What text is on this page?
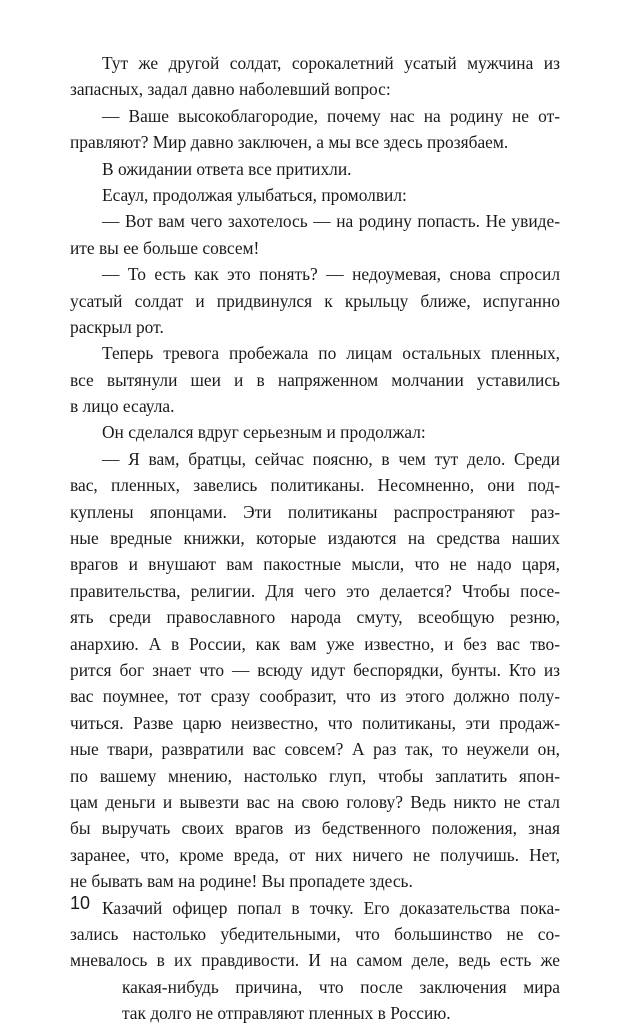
Тут же другой солдат, сорокалетний усатый мужчина из
запасных, задал давно наболевший вопрос:
— Ваше высокоблагородие, почему нас на родину не от-
правляют? Мир давно заключен, а мы все здесь прозябаем.
В ожидании ответа все притихли.
Есаул, продолжая улыбаться, промолвил:
— Вот вам чего захотелось — на родину попасть. Не увиде-
ите вы ее больше совсем!
— То есть как это понять? — недоумевая, снова спросил
усатый солдат и придвинулся к крыльцу ближе, испуганно
раскрыл рот.
Теперь тревога пробежала по лицам остальных пленных,
все вытянули шеи и в напряженном молчании уставились
в лицо есаула.
Он сделался вдруг серьезным и продолжал:
— Я вам, братцы, сейчас поясню, в чем тут дело. Среди
вас, пленных, завелись политиканы. Несомненно, они под-
куплены японцами. Эти политиканы распространяют раз-
ные вредные книжки, которые издаются на средства наших
врагов и внушают вам пакостные мысли, что не надо царя,
правительства, религии. Для чего это делается? Чтобы посе-
ять среди православного народа смуту, всеобщую резню,
анархию. А в России, как вам уже известно, и без вас тво-
рится бог знает что — всюду идут беспорядки, бунты. Кто из
вас поумнее, тот сразу сообразит, что из этого должно полу-
читься. Разве царю неизвестно, что политиканы, эти продаж-
ные твари, развратили вас совсем? А раз так, то неужели он,
по вашему мнению, настолько глуп, чтобы заплатить япон-
цам деньги и вывезти вас на свою голову? Ведь никто не стал
бы выручать своих врагов из бедственного положения, зная
заранее, что, кроме вреда, от них ничего не получишь. Нет,
не бывать вам на родине! Вы пропадете здесь.
Казачий офицер попал в точку. Его доказательства пока-
зались настолько убедительными, что большинство не со-
мневалось в их правдивости. И на самом деле, ведь есть же
какая-нибудь причина, что после заключения мира
так долго не отправляют пленных в Россию.
10
